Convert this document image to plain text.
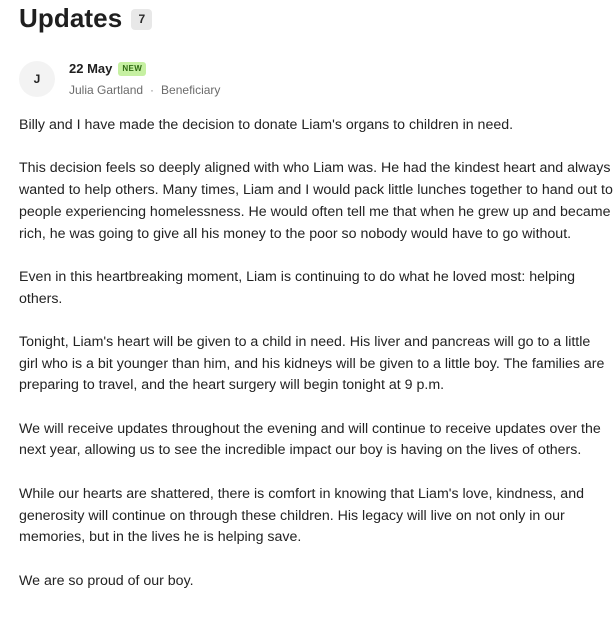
Updates	7
J
22 May	NEW
Julia Gartland · Beneficiary

Billy and I have made the decision to donate Liam's organs to children in need.

This decision feels so deeply aligned with who Liam was. He had the kindest heart and always wanted to help others. Many times, Liam and I would pack little lunches together to hand out to people experiencing homelessness. He would often tell me that when he grew up and became rich, he was going to give all his money to the poor so nobody would have to go without.

Even in this heartbreaking moment, Liam is continuing to do what he loved most: helping others.

Tonight, Liam's heart will be given to a child in need. His liver and pancreas will go to a little girl who is a bit younger than him, and his kidneys will be given to a little boy. The families are preparing to travel, and the heart surgery will begin tonight at 9 p.m.

We will receive updates throughout the evening and will continue to receive updates over the next year, allowing us to see the incredible impact our boy is having on the lives of others.

While our hearts are shattered, there is comfort in knowing that Liam's love, kindness, and generosity will continue on through these children. His legacy will live on not only in our memories, but in the lives he is helping save.

We are so proud of our boy.
